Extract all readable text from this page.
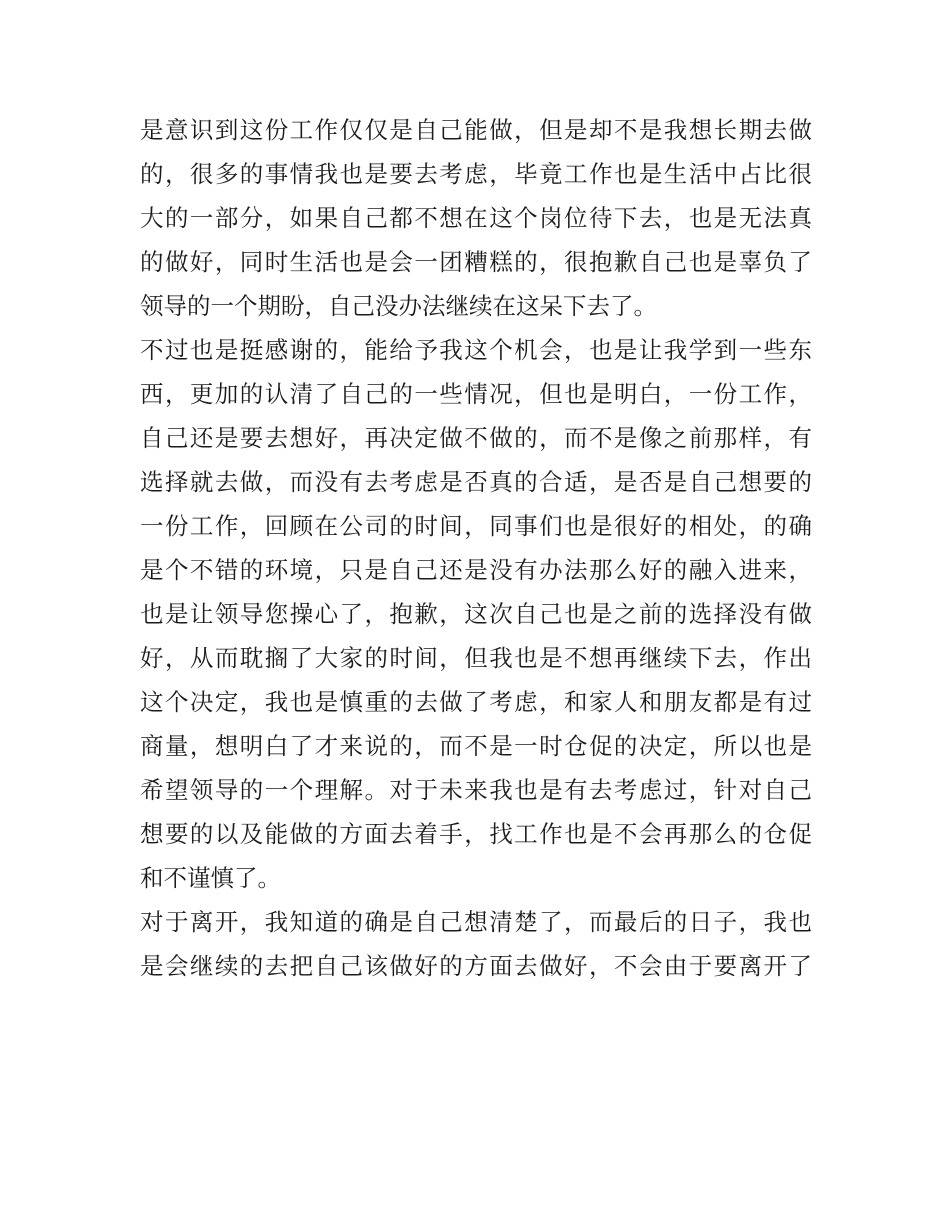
是意识到这份工作仅仅是自己能做，但是却不是我想长期去做
的，很多的事情我也是要去考虑，毕竟工作也是生活中占比很
大的一部分，如果自己都不想在这个岗位待下去，也是无法真
的做好，同时生活也是会一团糟糕的，很抱歉自己也是辜负了
领导的一个期盼，自己没办法继续在这呆下去了。
不过也是挺感谢的，能给予我这个机会，也是让我学到一些东
西，更加的认清了自己的一些情况，但也是明白，一份工作，
自己还是要去想好，再决定做不做的，而不是像之前那样，有
选择就去做，而没有去考虑是否真的合适，是否是自己想要的
一份工作，回顾在公司的时间，同事们也是很好的相处，的确
是个不错的环境，只是自己还是没有办法那么好的融入进来，
也是让领导您操心了，抱歉，这次自己也是之前的选择没有做
好，从而耽搁了大家的时间，但我也是不想再继续下去，作出
这个决定，我也是慎重的去做了考虑，和家人和朋友都是有过
商量，想明白了才来说的，而不是一时仓促的决定，所以也是
希望领导的一个理解。对于未来我也是有去考虑过，针对自己
想要的以及能做的方面去着手，找工作也是不会再那么的仓促
和不谨慎了。
对于离开，我知道的确是自己想清楚了，而最后的日子，我也
是会继续的去把自己该做好的方面去做好，不会由于要离开了
